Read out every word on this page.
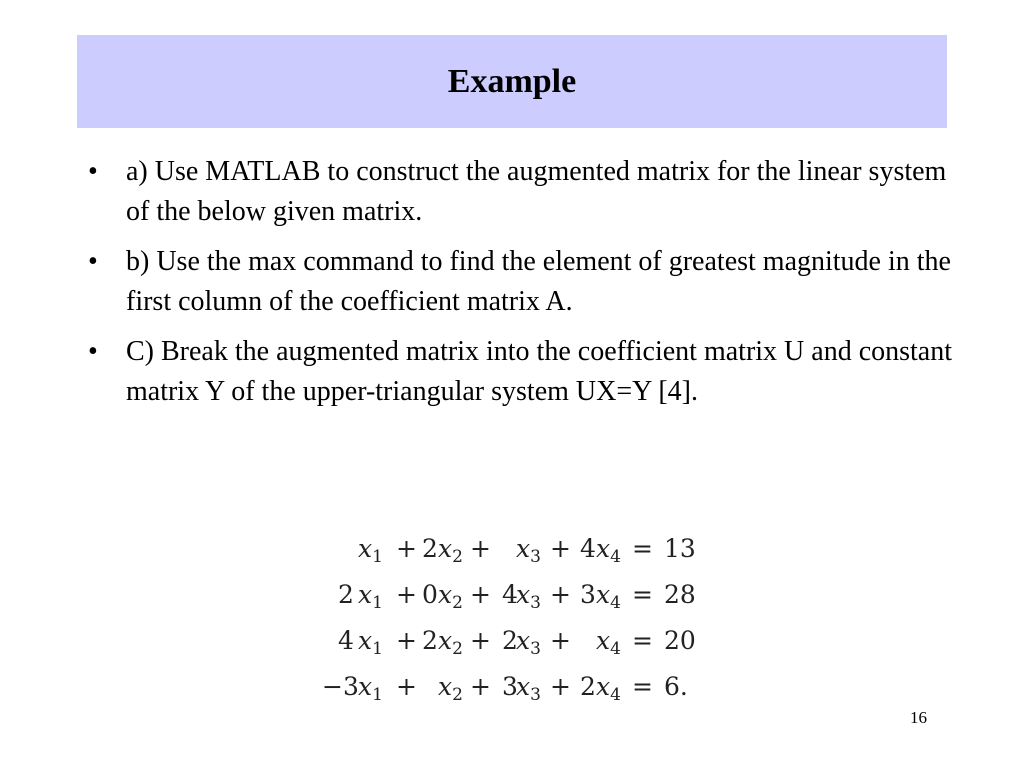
Example
• a) Use MATLAB to construct the augmented matrix for the linear system of the below given matrix.
• b) Use the max command to find the element of greatest magnitude in the first column of the coefficient matrix A.
• C) Break the augmented matrix into the coefficient matrix U and constant matrix Y of the upper-triangular system UX=Y [4].
$x_1 + 2$ $x_2 + x_3 + 4$ $x_4 = 13$
2 $x_1 + 0$ $x_2 + 4$
$x_3 + 3$ $x_4 = 28$
4 $x_1 + 2$ $x_2 + 2$
$x_3 + x_4 = 20$
−3 $x_1 + x_2 + 3$
$x_3 + 2$ $x_4 = 6$.
16
